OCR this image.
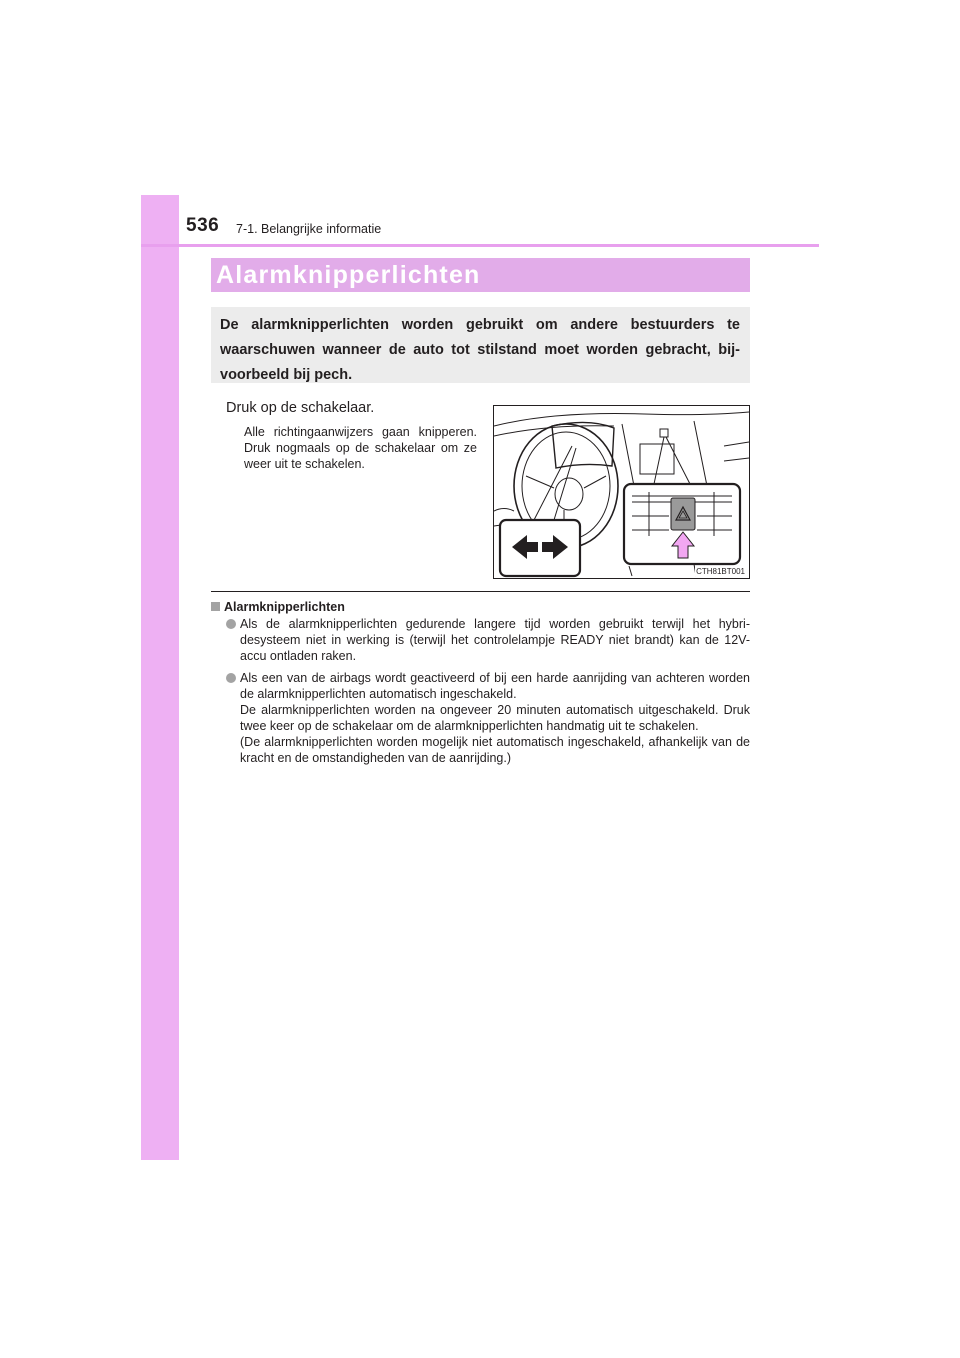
536 7-1. Belangrijke informatie
Alarmknipperlichten
De alarmknipperlichten worden gebruikt om andere bestuurders te waarschuwen wanneer de auto tot stilstand moet worden gebracht, bijvoorbeeld bij pech.
Druk op de schakelaar.
Alle richtingaanwijzers gaan knipperen. Druk nogmaals op de schakelaar om ze weer uit te schakelen.
CTH81BT001
Alarmknipperlichten
Als de alarmknipperlichten gedurende langere tijd worden gebruikt terwijl het hybridesysteem niet in werking is (terwijl het controlelampje READY niet brandt) kan de 12V-accu ontladen raken.
Als een van de airbags wordt geactiveerd of bij een harde aanrijding van achteren worden de alarmknipperlichten automatisch ingeschakeld.
De alarmknipperlichten worden na ongeveer 20 minuten automatisch uitgeschakeld. Druk twee keer op de schakelaar om de alarmknipperlichten handmatig uit te schakelen.
(De alarmknipperlichten worden mogelijk niet automatisch ingeschakeld, afhankelijk van de kracht en de omstandigheden van de aanrijding.)
